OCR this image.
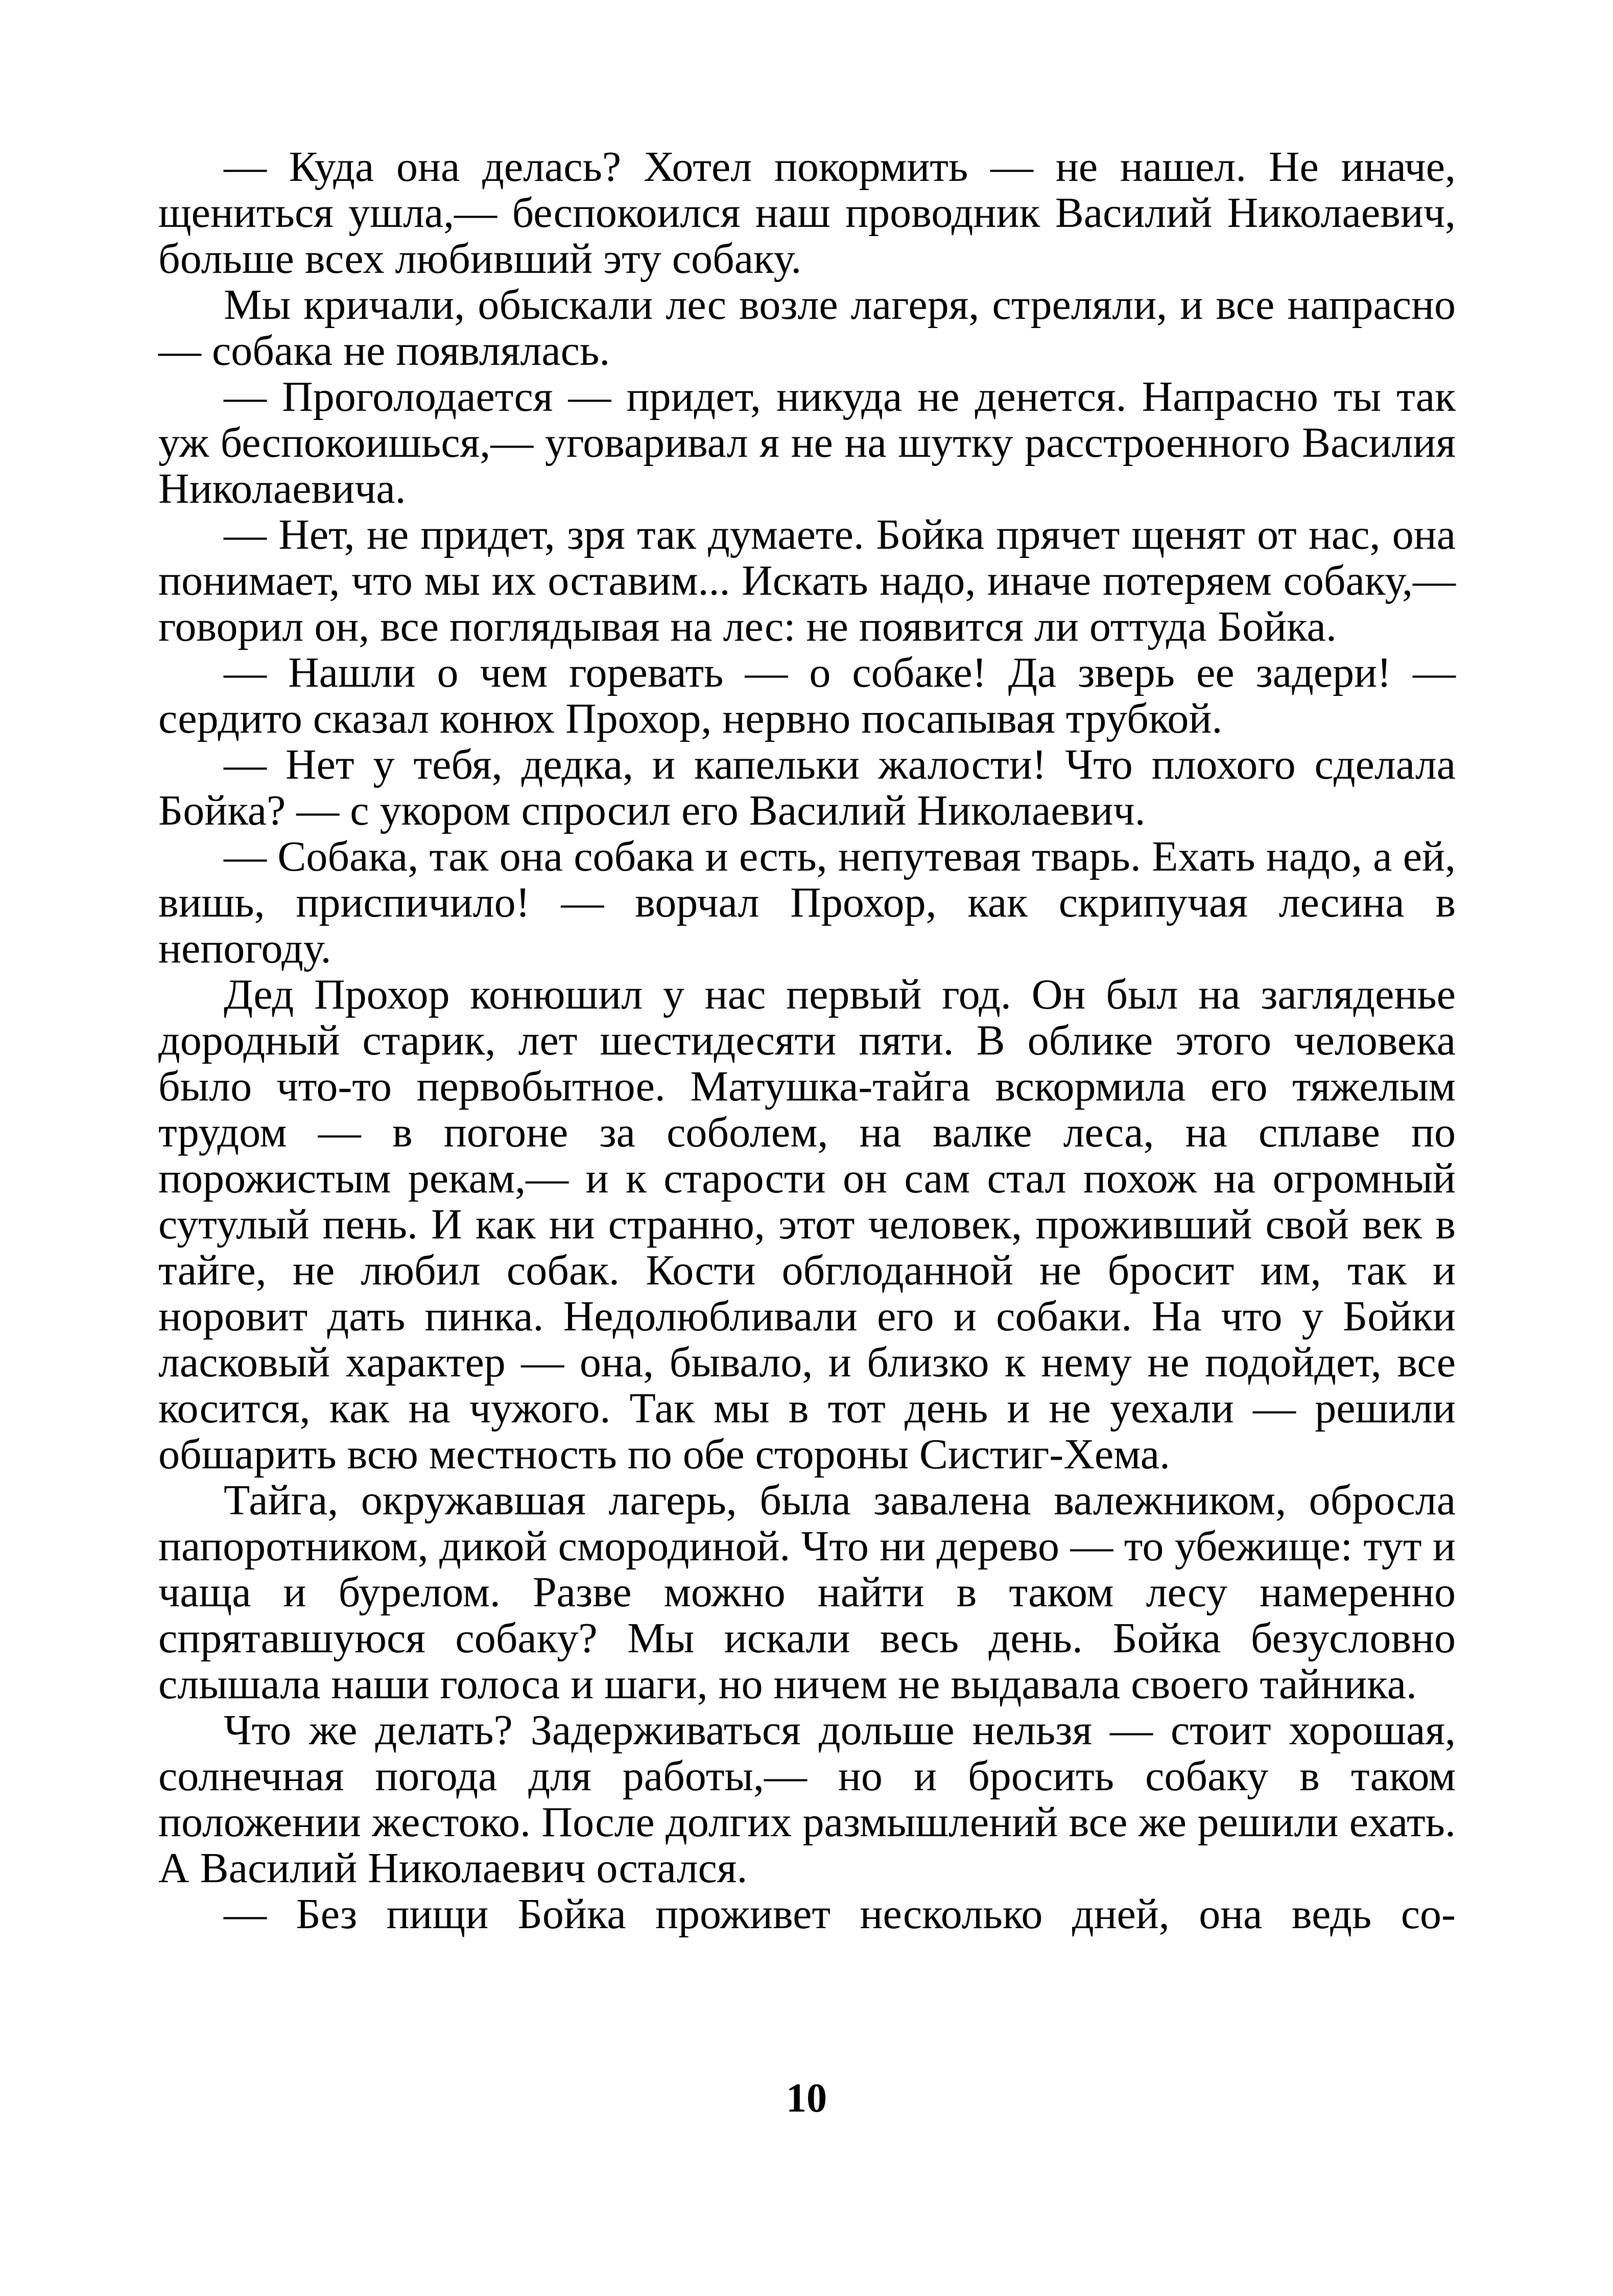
— Куда она делась? Хотел покормить — не нашел. Не иначе, щениться ушла,— беспокоился наш проводник Василий Николаевич, больше всех любивший эту собаку.

Мы кричали, обыскали лес возле лагеря, стреляли, и все напрасно — собака не появлялась.

— Проголодается — придет, никуда не денется. Напрасно ты так уж беспокоишься,— уговаривал я не на шутку расстроенного Василия Николаевича.

— Нет, не придет, зря так думаете. Бойка прячет щенят от нас, она понимает, что мы их оставим... Искать надо, иначе потеряем собаку,— говорил он, все поглядывая на лес: не появится ли оттуда Бойка.

— Нашли о чем горевать — о собаке! Да зверь ее задери! — сердито сказал конюх Прохор, нервно посапывая трубкой.

— Нет у тебя, дедка, и капельки жалости! Что плохого сделала Бойка? — с укором спросил его Василий Николаевич.

— Собака, так она собака и есть, непутевая тварь. Ехать надо, а ей, вишь, приспичило! — ворчал Прохор, как скрипучая лесина в непогоду.

Дед Прохор конюшил у нас первый год. Он был на загляденье дородный старик, лет шестидесяти пяти. В облике этого человека было что-то первобытное. Матушка-тайга вскормила его тяжелым трудом — в погоне за соболем, на валке леса, на сплаве по порожистым рекам,— и к старости он сам стал похож на огромный сутулый пень. И как ни странно, этот человек, проживший свой век в тайге, не любил собак. Кости обглоданной не бросит им, так и норовит дать пинка. Недолюбливали его и собаки. На что у Бойки ласковый характер — она, бывало, и близко к нему не подойдет, все косится, как на чужого. Так мы в тот день и не уехали — решили обшарить всю местность по обе стороны Систиг-Хема.

Тайга, окружавшая лагерь, была завалена валежником, обросла папоротником, дикой смородиной. Что ни дерево — то убежище: тут и чаща и бурелом. Разве можно найти в таком лесу намеренно спрятавшуюся собаку? Мы искали весь день. Бойка безусловно слышала наши голоса и шаги, но ничем не выдавала своего тайника.

Что же делать? Задерживаться дольше нельзя — стоит хорошая, солнечная погода для работы,— но и бросить собаку в таком положении жестоко. После долгих размышлений все же решили ехать. А Василий Николаевич остался.

— Без пищи Бойка проживет несколько дней, она ведь со-

10
